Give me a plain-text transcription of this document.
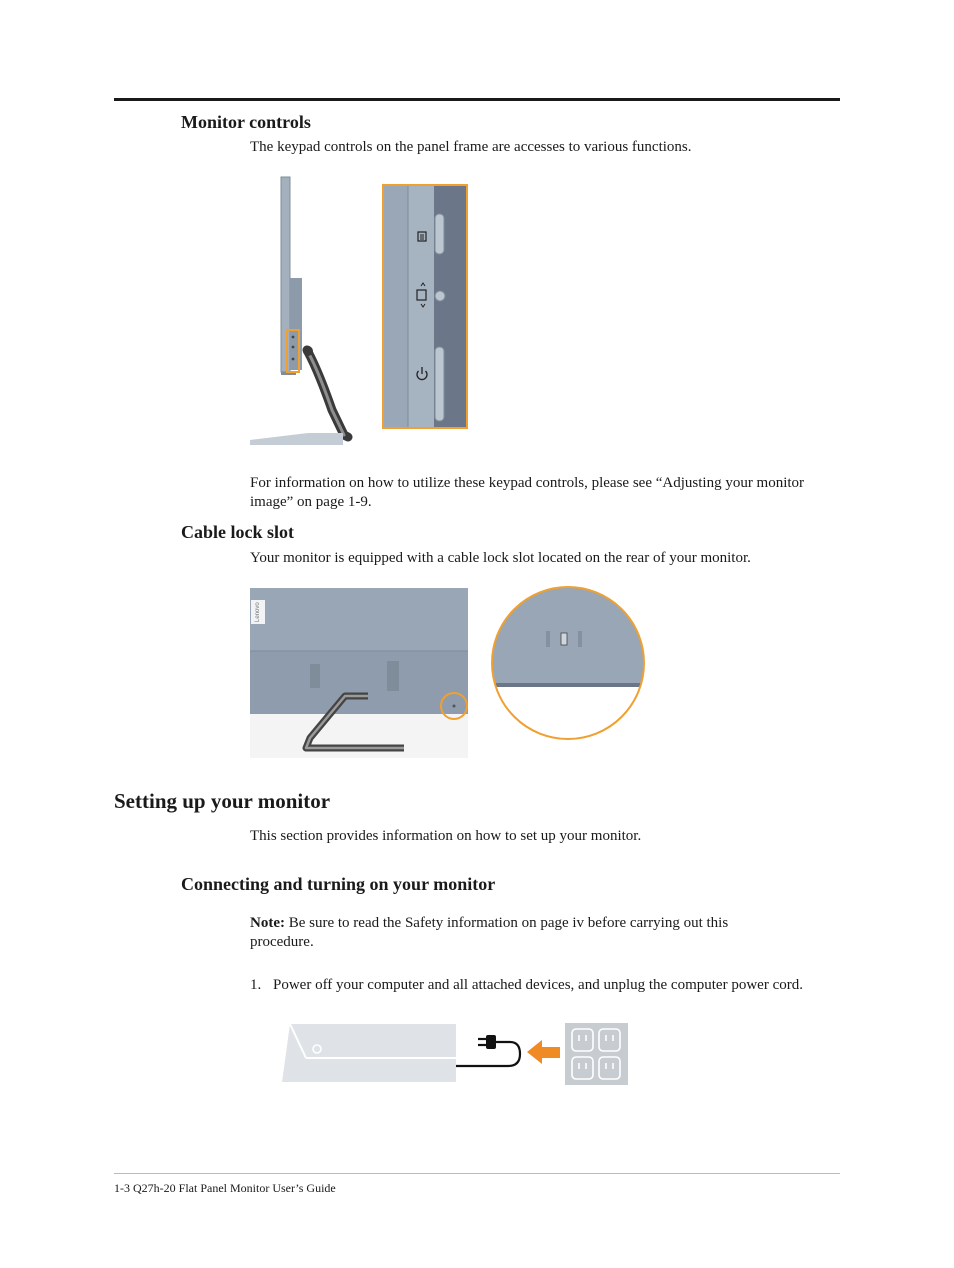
Monitor controls
The keypad controls on the panel frame are accesses to various functions.
For information on how to utilize these keypad controls, please see “Adjusting your monitor image” on page 1-9.
Cable lock slot
Your monitor is equipped with a cable lock slot located on the rear of your monitor.
Lenovo
Setting up your monitor
This section provides information on how to set up your monitor.
Connecting and turning on your monitor
Note: Be sure to read the Safety information on page iv before carrying out this procedure.
1. Power off your computer and all attached devices, and unplug the computer power cord.
1-3 Q27h-20 Flat Panel Monitor User’s Guide
